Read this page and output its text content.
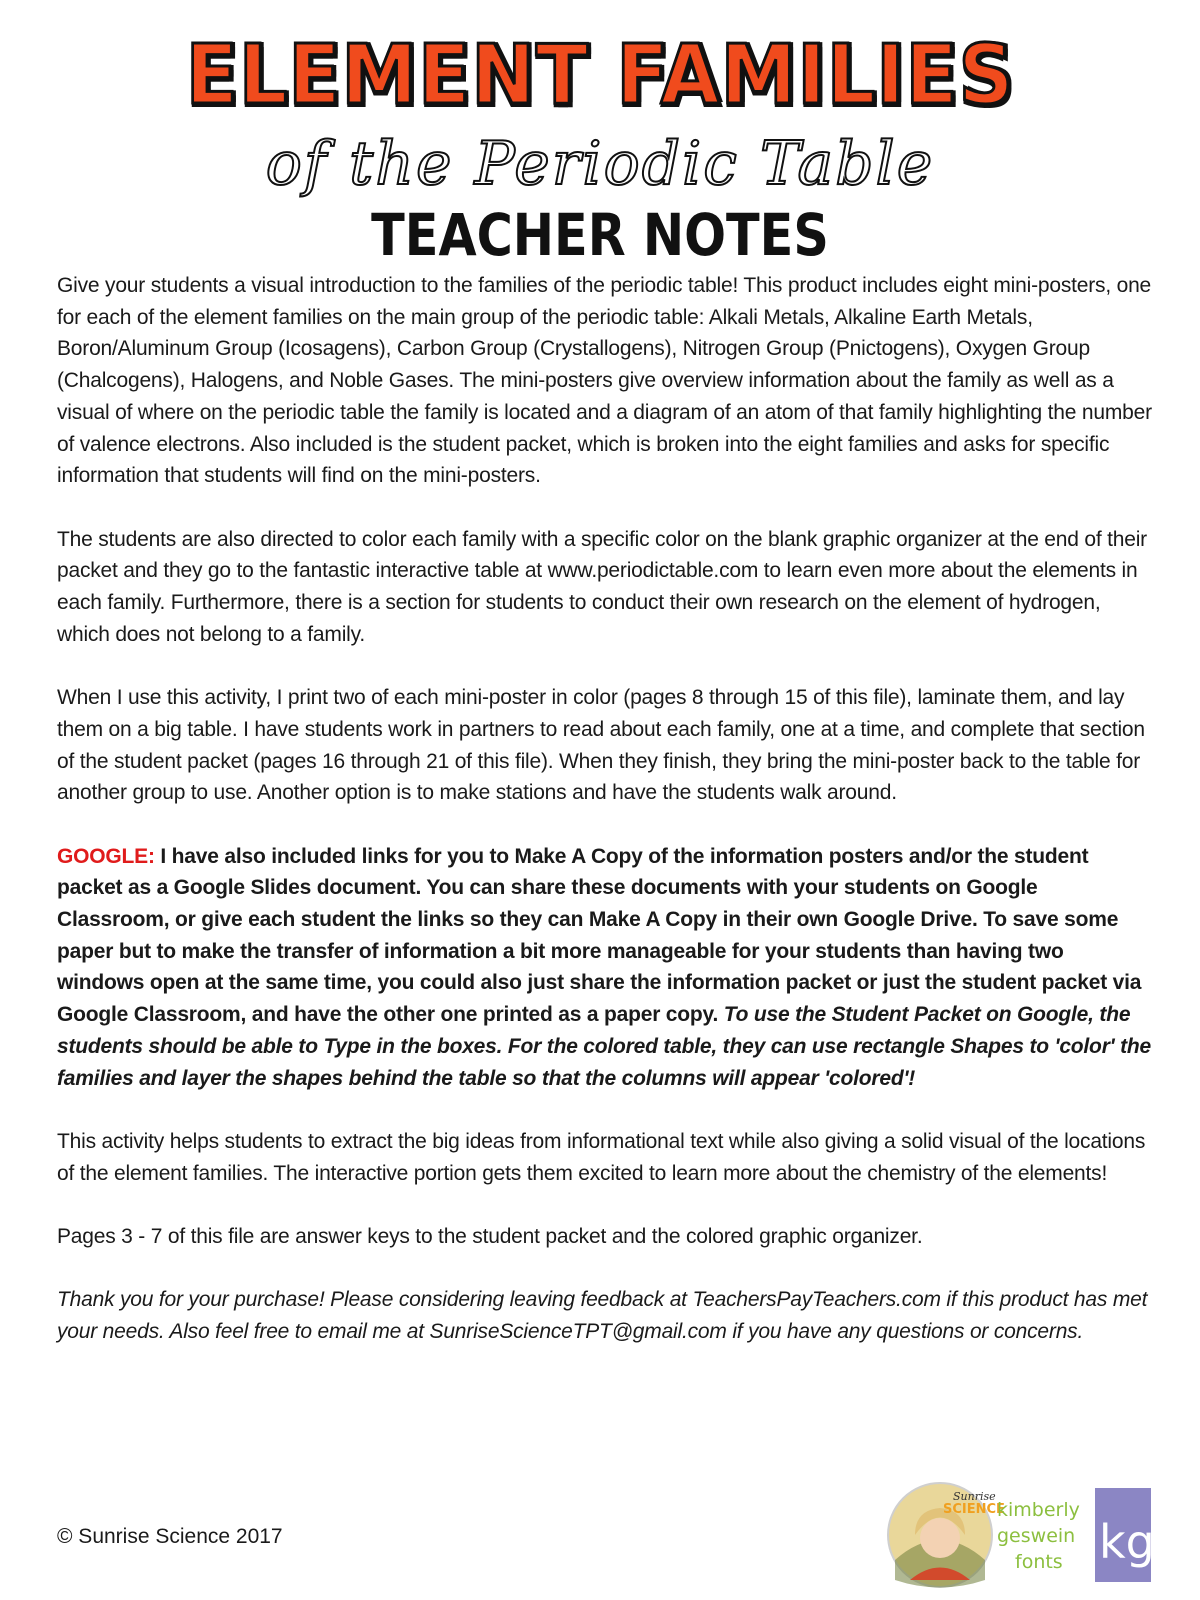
ELEMENT FAMILIES
of the Periodic Table
TEACHER NOTES

Give your students a visual introduction to the families of the periodic table! This product includes eight mini-posters, one for each of the element families on the main group of the periodic table: Alkali Metals, Alkaline Earth Metals, Boron/Aluminum Group (Icosagens), Carbon Group (Crystallogens), Nitrogen Group (Pnictogens), Oxygen Group (Chalcogens), Halogens, and Noble Gases. The mini-posters give overview information about the family as well as a visual of where on the periodic table the family is located and a diagram of an atom of that family highlighting the number of valence electrons. Also included is the student packet, which is broken into the eight families and asks for specific information that students will find on the mini-posters.

The students are also directed to color each family with a specific color on the blank graphic organizer at the end of their packet and they go to the fantastic interactive table at www.periodictable.com to learn even more about the elements in each family. Furthermore, there is a section for students to conduct their own research on the element of hydrogen, which does not belong to a family.

When I use this activity, I print two of each mini-poster in color (pages 8 through 15 of this file), laminate them, and lay them on a big table. I have students work in partners to read about each family, one at a time, and complete that section of the student packet (pages 16 through 21 of this file). When they finish, they bring the mini-poster back to the table for another group to use. Another option is to make stations and have the students walk around.

GOOGLE: I have also included links for you to Make A Copy of the information posters and/or the student packet as a Google Slides document. You can share these documents with your students on Google Classroom, or give each student the links so they can Make A Copy in their own Google Drive. To save some paper but to make the transfer of information a bit more manageable for your students than having two windows open at the same time, you could also just share the information packet or just the student packet via Google Classroom, and have the other one printed as a paper copy. To use the Student Packet on Google, the students should be able to Type in the boxes. For the colored table, they can use rectangle Shapes to 'color' the families and layer the shapes behind the table so that the columns will appear 'colored'!

This activity helps students to extract the big ideas from informational text while also giving a solid visual of the locations of the element families. The interactive portion gets them excited to learn more about the chemistry of the elements!

Pages 3 - 7 of this file are answer keys to the student packet and the colored graphic organizer.

Thank you for your purchase! Please considering leaving feedback at TeachersPayTeachers.com if this product has met your needs. Also feel free to email me at SunriseScienceTPT@gmail.com if you have any questions or concerns.

© Sunrise Science 2017
Sunrise
SCIENCE
kimberly
geswein
fonts kg
